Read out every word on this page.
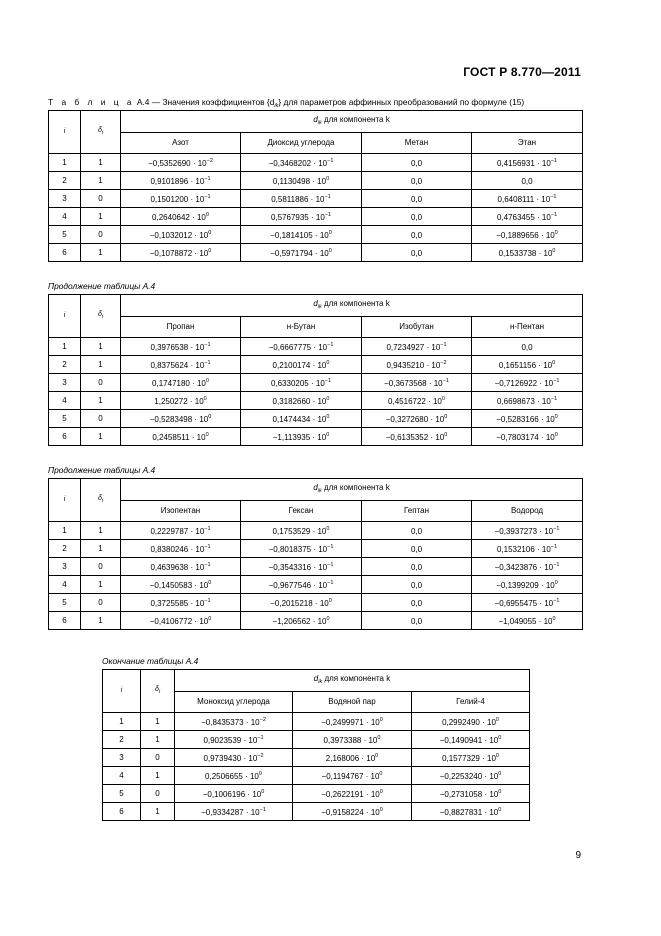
ГОСТ Р 8.770—2011
Т а б л и ц а А.4 — Значения коэффициентов $\{d_{ik}\}$ для параметров аффинных преобразований по формуле (15)
Продолжение таблицы А.4
Продолжение таблицы А.4
Окончание таблицы А.4
i	$\delta_i$	$d_{ik}$ для компонента k			
		Азот	Диоксид углерода	Метан	Этан
1	1	$-0,5352690 \cdot 10^{-2}$	$-0,3468202 \cdot 10^{-1}$	0,0	$0,4156931 \cdot 10^{-1}$
2	1	$0,9101896 \cdot 10^{-1}$	$0,1130498 \cdot 10^0$	0,0	0,0
3	0	$0,1501200 \cdot 10^{-1}$	$0,5811886 \cdot 10^{-1}$	0,0	$0,6408111 \cdot 10^{-1}$
4	1	$0,2640642 \cdot 10^0$	$0,5767935 \cdot 10^{-1}$	0,0	$0,4763455 \cdot 10^{-1}$
5	0	$-0,1032012 \cdot 10^0$	$-0,1814105 \cdot 10^0$	0,0	$-0,1889656 \cdot 10^0$
6	1	$-0,1078872 \cdot 10^0$	$-0,5971794 \cdot 10^0$	0,0	$0,1533738 \cdot 10^0$
i	$\delta_i$	$d_{ik}$ для компонента k			
		Пропан	н-Бутан	Изобутан	н-Пентан
1	1	$0,3976538 \cdot 10^{-1}$	$-0,6667775 \cdot 10^{-1}$	$0,7234927 \cdot 10^{-1}$	0,0
2	1	$0,8375624 \cdot 10^{-1}$	$0,2100174 \cdot 10^0$	$0,9435210 \cdot 10^{-2}$	$0,1651156 \cdot 10^0$
3	0	$0,1747180 \cdot 10^0$	$0,6330205 \cdot 10^{-1}$	$-0,3673568 \cdot 10^{-1}$	$-0,7126922 \cdot 10^{-1}$
4	1	$1,250272 \cdot 10^0$	$0,3182660 \cdot 10^0$	$0,4516722 \cdot 10^0$	$0,6698673 \cdot 10^{-1}$
5	0	$-0,5283498 \cdot 10^0$	$0,1474434 \cdot 10^0$	$-0,3272680 \cdot 10^0$	$-0,5283166 \cdot 10^0$
6	1	$0,2458511 \cdot 10^0$	$-1,113935 \cdot 10^0$	$-0,6135352 \cdot 10^0$	$-0,7803174 \cdot 10^0$
i	$\delta_i$	$d_{ik}$ для компонента k			
		Изопентан	Гексан	Гептан	Водород
1	1	$0,2229787 \cdot 10^{-1}$	$0,1753529 \cdot 10^0$	0,0	$-0,3937273 \cdot 10^{-1}$
2	1	$0,8380246 \cdot 10^{-1}$	$-0,8018375 \cdot 10^{-1}$	0,0	$0,1532106 \cdot 10^{-1}$
3	0	$0,4639638 \cdot 10^{-1}$	$-0,3543316 \cdot 10^{-1}$	0,0	$-0,3423876 \cdot 10^{-1}$
4	1	$-0,1450583 \cdot 10^0$	$-0,9677546 \cdot 10^{-1}$	0,0	$-0,1399209 \cdot 10^0$
5	0	$0,3725585 \cdot 10^{-1}$	$-0,2015218 \cdot 10^0$	0,0	$-0,6955475 \cdot 10^{-1}$
6	1	$-0,4106772 \cdot 10^0$	$-1,206562 \cdot 10^0$	0,0	$-1,049055 \cdot 10^0$
i	$\delta_i$	$d_{ik}$ для компонента k		
		Моноксид углерода	Водяной пар	Гелий-4
1	1	$-0,8435373 \cdot 10^{-2}$	$-0,2499971 \cdot 10^0$	$0,2992490 \cdot 10^0$
2	1	$0,9023539 \cdot 10^{-1}$	$0,3973388 \cdot 10^0$	$-0,1490941 \cdot 10^0$
3	0	$0,9739430 \cdot 10^{-2}$	$2,168006 \cdot 10^0$	$0,1577329 \cdot 10^0$
4	1	$0,2506655 \cdot 10^0$	$-0,1194767 \cdot 10^0$	$-0,2253240 \cdot 10^0$
5	0	$-0,1006196 \cdot 10^0$	$-0,2622191 \cdot 10^0$	$-0,2731058 \cdot 10^0$
6	1	$-0,9334287 \cdot 10^{-1}$	$-0,9158224 \cdot 10^0$	$-0,8827831 \cdot 10^0$
9
